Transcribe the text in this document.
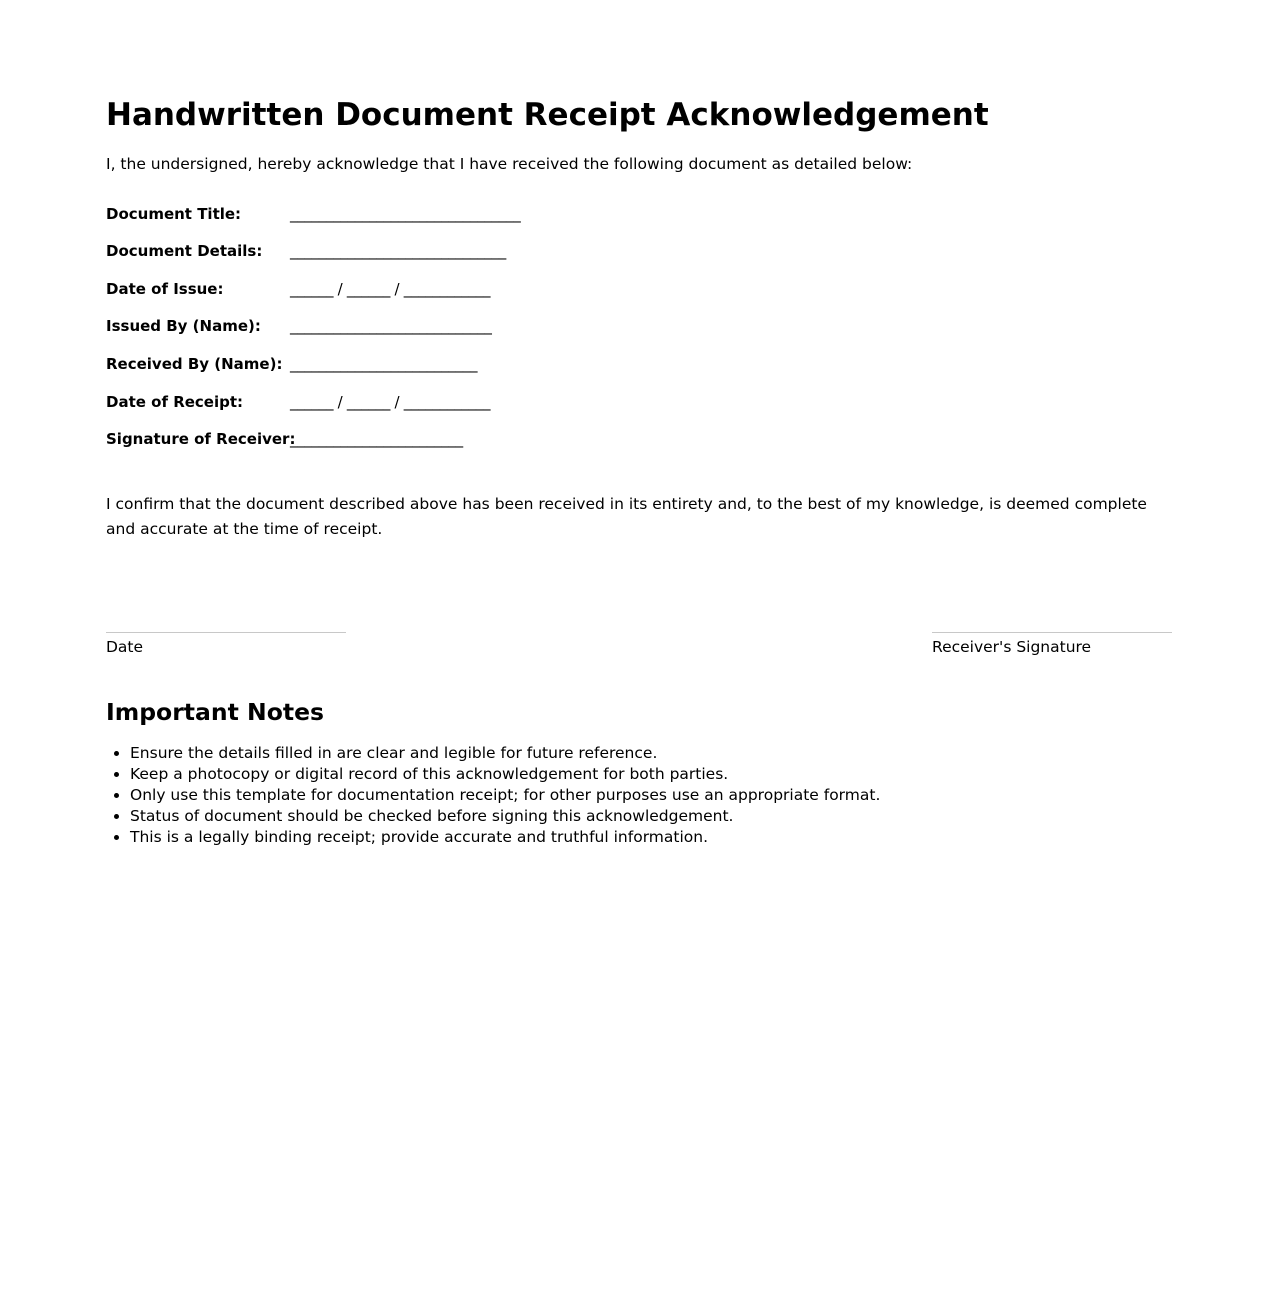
Handwritten Document Receipt Acknowledgement

I, the undersigned, hereby acknowledge that I have received the following document as detailed below:

Document Title:	________________________________
Document Details: ______________________________
Date of Issue:	______ / ______ / ____________
Issued By (Name): ____________________________
Received By (Name): __________________________
Date of Receipt:	______ / ______ / ____________
Signature of Receiver:
________________________

I confirm that the document described above has been received in its entirety and, to the best of my knowledge, is deemed complete and accurate at the time of receipt.

Date	Receiver's Signature
Important Notes
• Ensure the details filled in are clear and legible for future reference.
• Keep a photocopy or digital record of this acknowledgement for both parties.
• Only use this template for documentation receipt; for other purposes use an appropriate format.
• Status of document should be checked before signing this acknowledgement.
• This is a legally binding receipt; provide accurate and truthful information.
